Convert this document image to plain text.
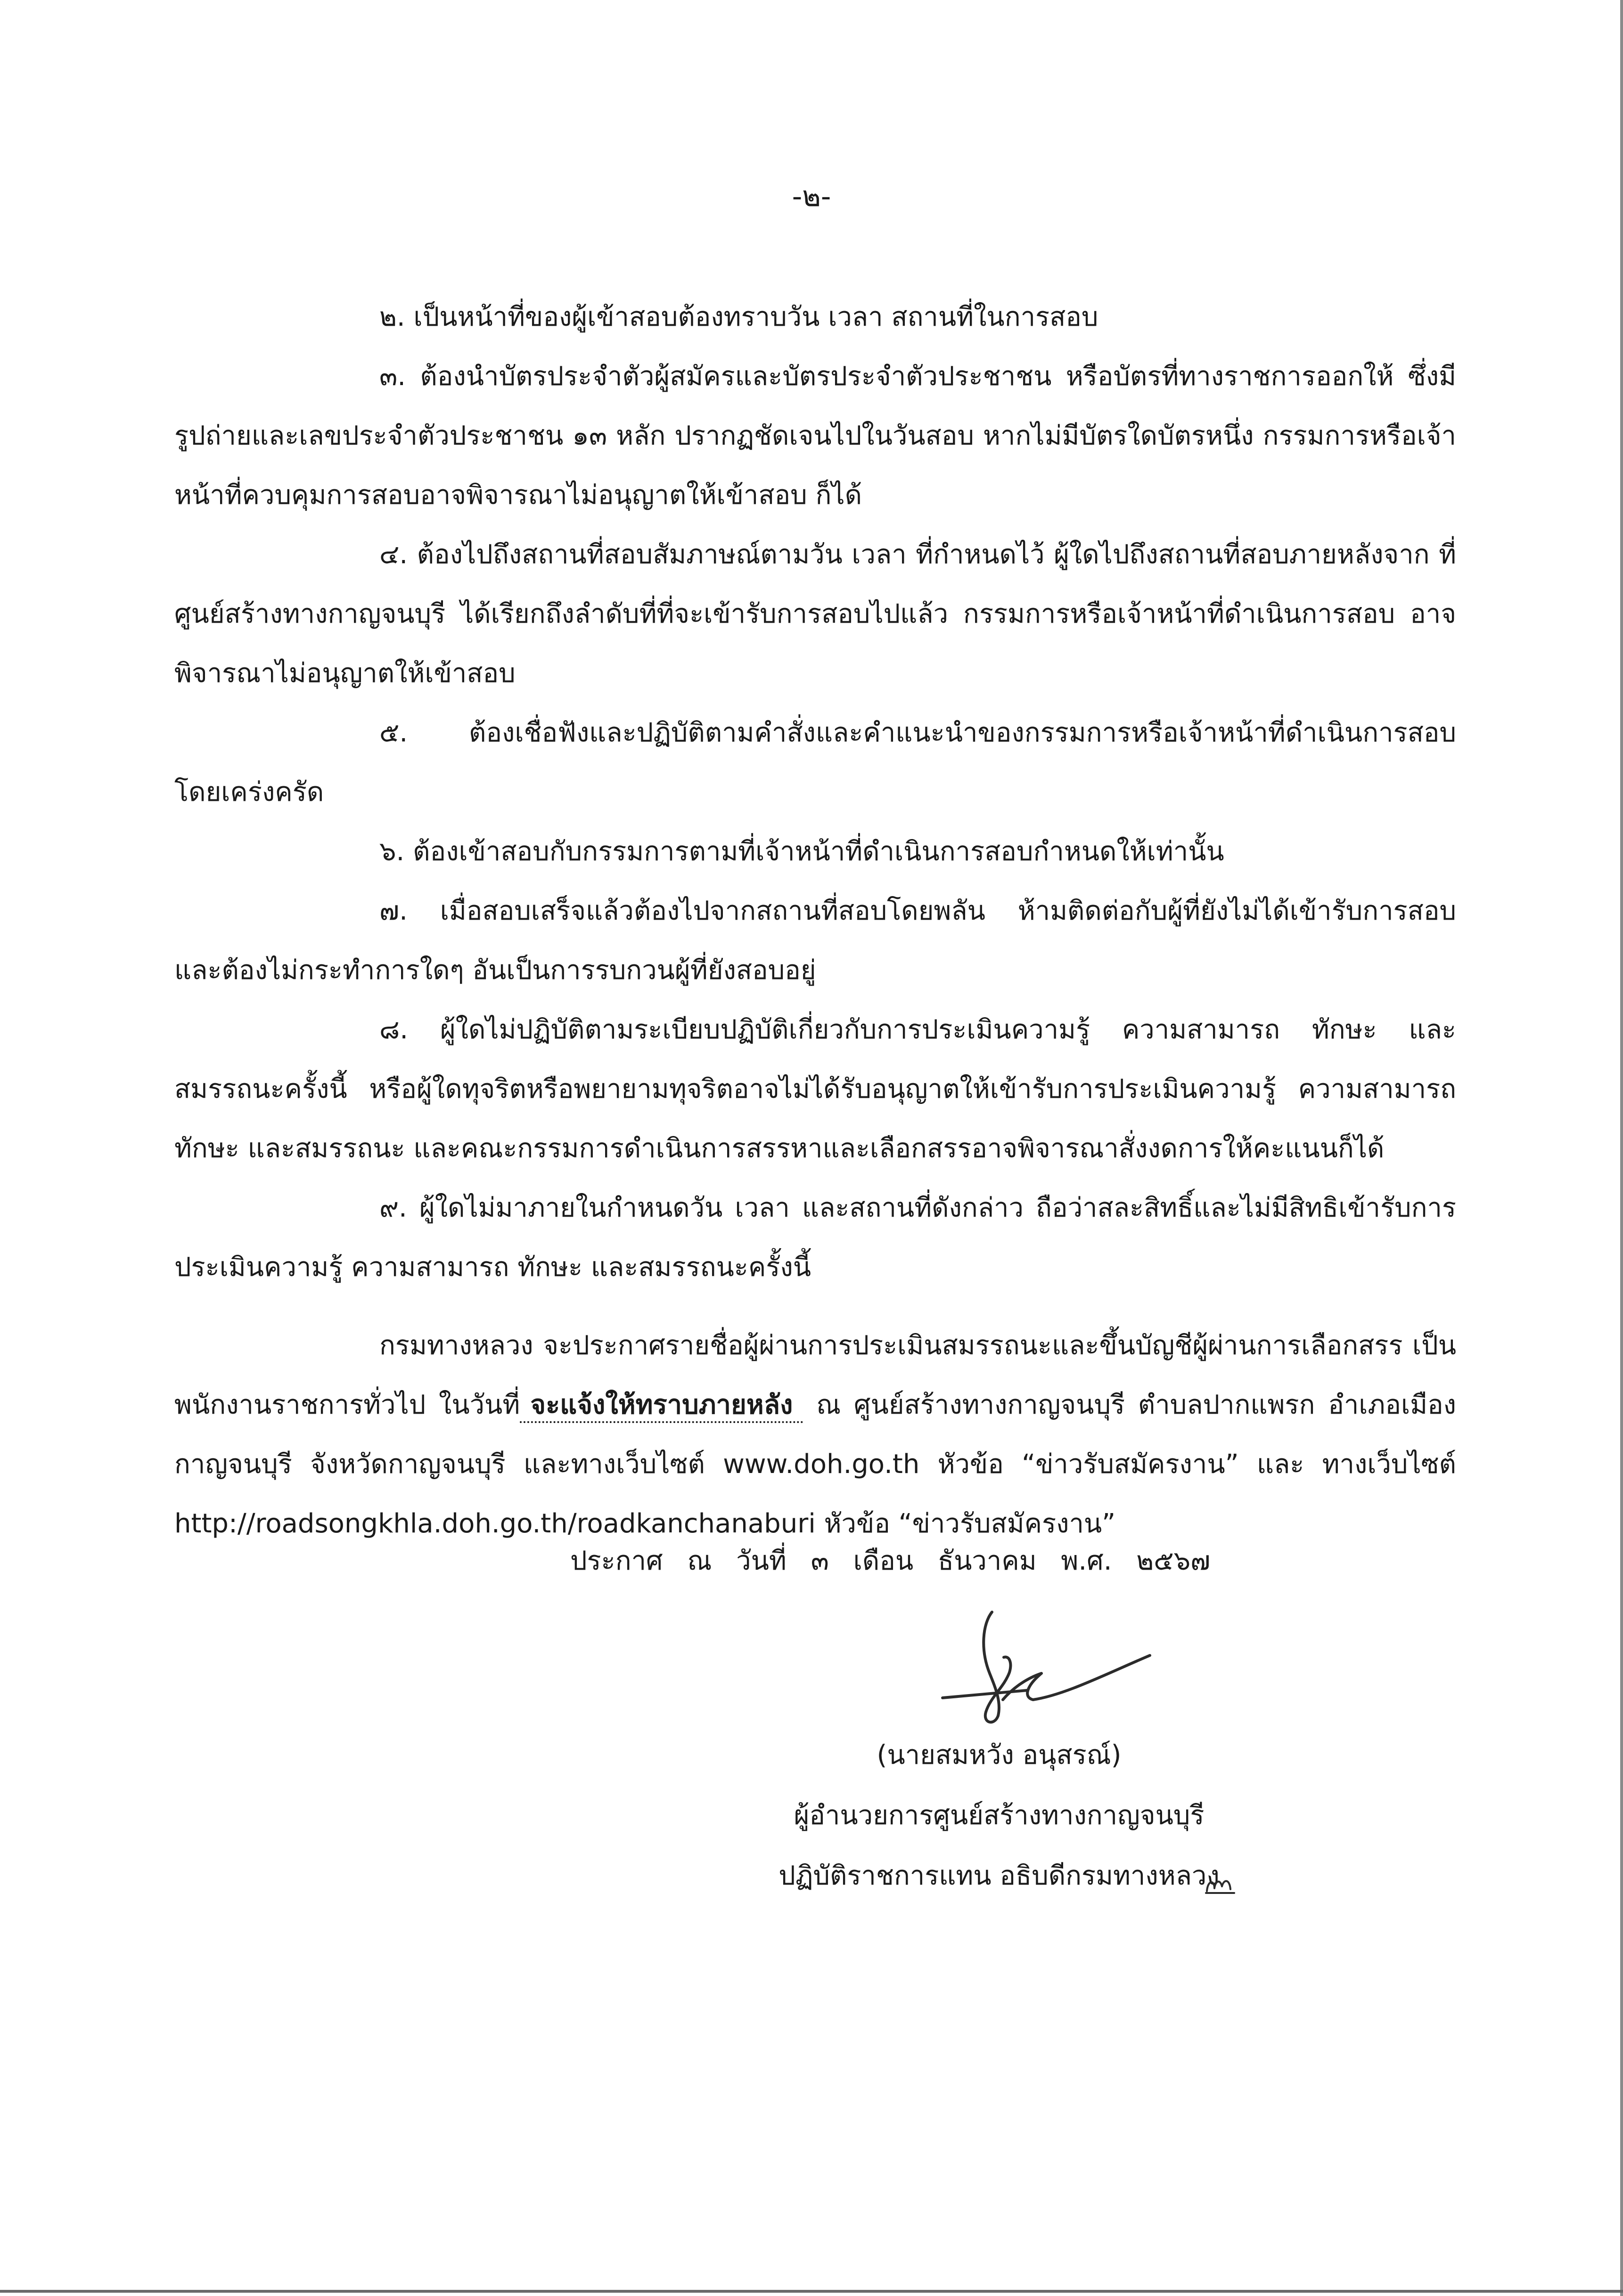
-๒-

๒. เป็นหน้าที่ของผู้เข้าสอบต้องทราบวัน เวลา สถานที่ในการสอบ

๓. ต้องนำบัตรประจำตัวผู้สมัครและบัตรประจำตัวประชาชน หรือบัตรที่ทางราชการออกให้ ซึ่งมีรูปถ่ายและเลขประจำตัวประชาชน ๑๓ หลัก ปรากฏชัดเจนไปในวันสอบ หากไม่มีบัตรใดบัตรหนึ่ง กรรมการหรือเจ้าหน้าที่ควบคุมการสอบอาจพิจารณาไม่อนุญาตให้เข้าสอบ ก็ได้

๔. ต้องไปถึงสถานที่สอบสัมภาษณ์ตามวัน เวลา ที่กำหนดไว้ ผู้ใดไปถึงสถานที่สอบภายหลังจาก ที่ศูนย์สร้างทางกาญจนบุรี ได้เรียกถึงลำดับที่ที่จะเข้ารับการสอบไปแล้ว กรรมการหรือเจ้าหน้าที่ดำเนินการสอบ อาจพิจารณาไม่อนุญาตให้เข้าสอบ

๕. ต้องเชื่อฟังและปฏิบัติตามคำสั่งและคำแนะนำของกรรมการหรือเจ้าหน้าที่ดำเนินการสอบ โดยเคร่งครัด

๖. ต้องเข้าสอบกับกรรมการตามที่เจ้าหน้าที่ดำเนินการสอบกำหนดให้เท่านั้น

๗. เมื่อสอบเสร็จแล้วต้องไปจากสถานที่สอบโดยพลัน ห้ามติดต่อกับผู้ที่ยังไม่ได้เข้ารับการสอบ และต้องไม่กระทำการใดๆ อันเป็นการรบกวนผู้ที่ยังสอบอยู่

๘. ผู้ใดไม่ปฏิบัติตามระเบียบปฏิบัติเกี่ยวกับการประเมินความรู้ ความสามารถ ทักษะ และ สมรรถนะครั้งนี้ หรือผู้ใดทุจริตหรือพยายามทุจริตอาจไม่ได้รับอนุญาตให้เข้ารับการประเมินความรู้ ความสามารถ ทักษะ และสมรรถนะ และคณะกรรมการดำเนินการสรรหาและเลือกสรรอาจพิจารณาสั่งงดการให้คะแนนก็ได้

๙. ผู้ใดไม่มาภายในกำหนดวัน เวลา และสถานที่ดังกล่าว ถือว่าสละสิทธิ์และไม่มีสิทธิเข้ารับการ ประเมินความรู้ ความสามารถ ทักษะ และสมรรถนะครั้งนี้

กรมทางหลวง จะประกาศรายชื่อผู้ผ่านการประเมินสมรรถนะและขึ้นบัญชีผู้ผ่านการเลือกสรร เป็นพนักงานราชการทั่วไป ในวันที่ จะแจ้งให้ทราบภายหลัง ณ ศูนย์สร้างทางกาญจนบุรี ตำบลปากแพรก อำเภอเมืองกาญจนบุรี จังหวัดกาญจนบุรี และทางเว็บไซต์ www.doh.go.th หัวข้อ “ข่าวรับสมัครงาน” และ ทางเว็บไซต์ http://roadsongkhla.doh.go.th/roadkanchanaburi หัวข้อ “ข่าวรับสมัครงาน”

ประกาศ ณ วันที่ ๓ เดือน ธันวาคม พ.ศ. ๒๕๖๗
(นายสมหวัง อนุสรณ์)
ผู้อำนวยการศูนย์สร้างทางกาญจนบุรี
ปฏิบัติราชการแทน อธิบดีกรมทางหลวง
